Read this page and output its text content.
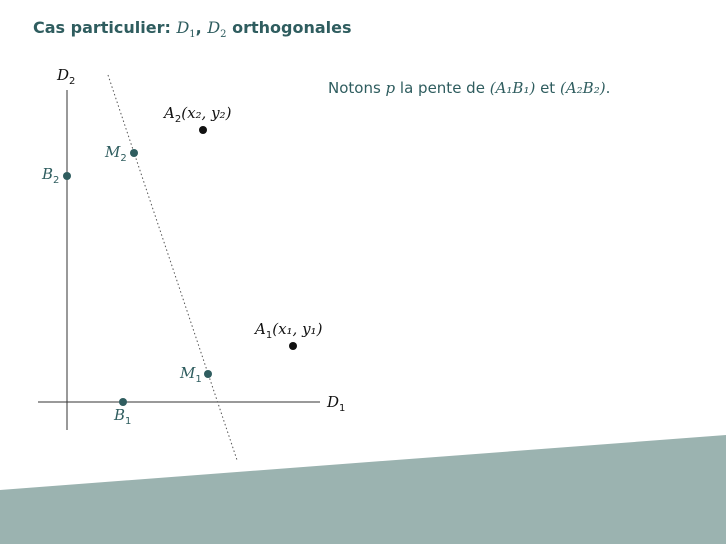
Cas particulier: $D_1$, $D_2$ orthogonales
Notons p la pente de (A₁B₁) et (A₂B₂).
$D_2$
$D_1$
$A_2(x_2$, y₂)
$A_1(x_1$, y₁)
$M_2$
$M_1$
$B_2$
$B_1$
